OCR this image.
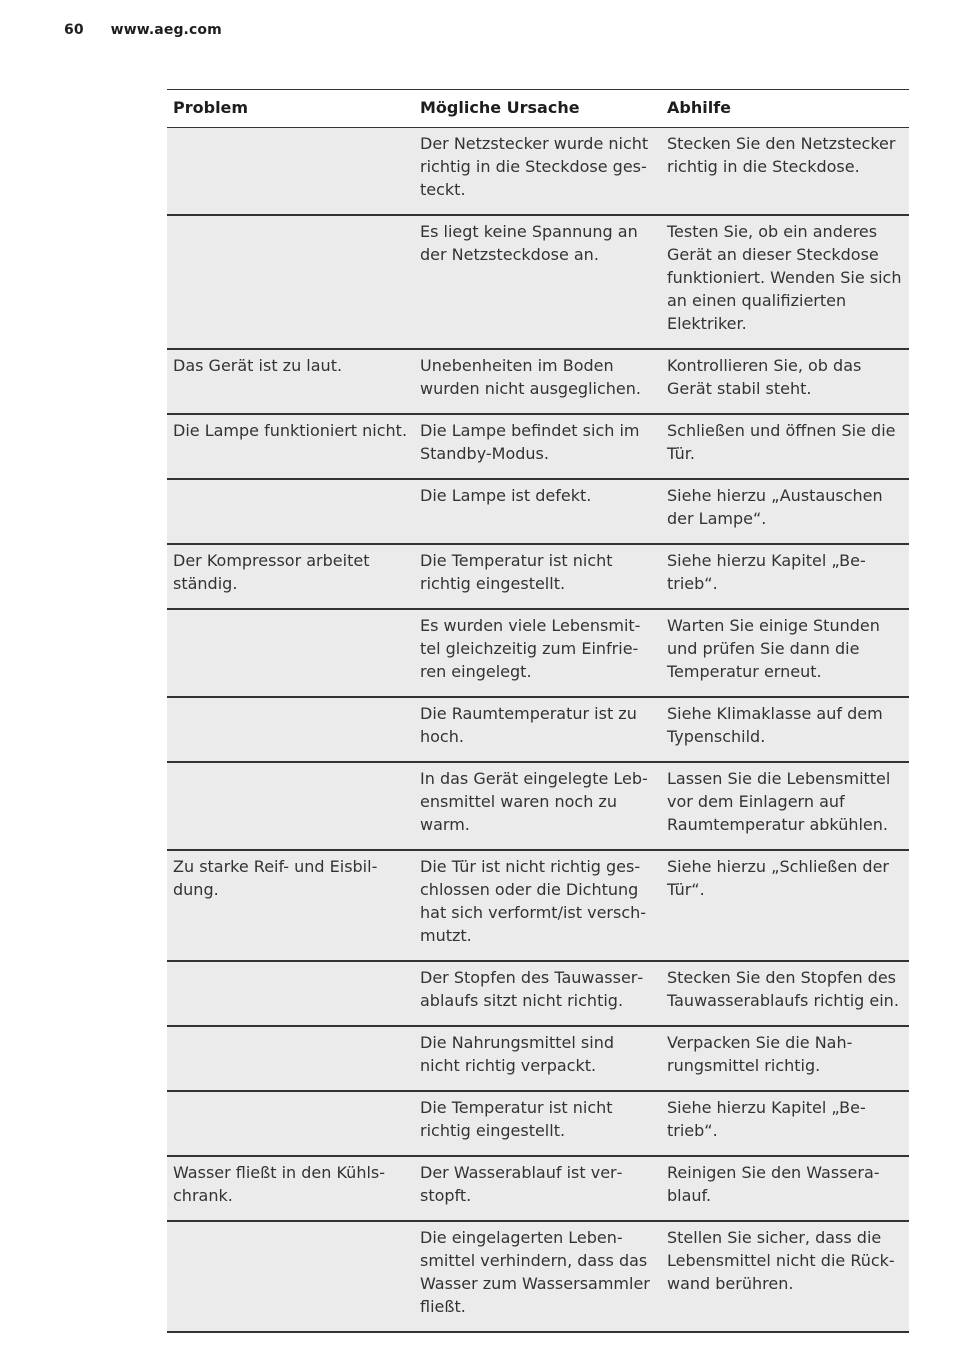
60 www.aeg.com
Problem	Mögliche Ursache	Abhilfe
	Der Netzstecker wurde nicht richtig in die Steckdose gesteckt.	Stecken Sie den Netzstecker richtig in die Steckdose.
	Es liegt keine Spannung an der Netzsteckdose an.	Testen Sie, ob ein anderes Gerät an dieser Steckdose funktioniert. Wenden Sie sich an einen qualifizierten Elektriker.
Das Gerät ist zu laut.	Unebenheiten im Boden wurden nicht ausgeglichen.	Kontrollieren Sie, ob das Gerät stabil steht.
Die Lampe funktioniert nicht.	Die Lampe befindet sich im Standby-Modus.	Schließen und öffnen Sie die Tür.
	Die Lampe ist defekt.	Siehe hierzu „Austauschen der Lampe“.
Der Kompressor arbeitet ständig.	Die Temperatur ist nicht richtig eingestellt.	Siehe hierzu Kapitel „Betrieb“.
	Es wurden viele Lebensmittel gleichzeitig zum Einfrieren eingelegt.	Warten Sie einige Stunden und prüfen Sie dann die Temperatur erneut.
	Die Raumtemperatur ist zu hoch.	Siehe Klimaklasse auf dem Typenschild.
	In das Gerät eingelegte Lebensmittel waren noch zu warm.	Lassen Sie die Lebensmittel vor dem Einlagern auf Raumtemperatur abkühlen.
Zu starke Reif- und Eisbildung.	Die Tür ist nicht richtig geschlossen oder die Dichtung hat sich verformt/ist verschmutzt.	Siehe hierzu „Schließen der Tür“.
	Der Stopfen des Tauwasserablaufs sitzt nicht richtig.	Stecken Sie den Stopfen des Tauwasserablaufs richtig ein.
	Die Nahrungsmittel sind nicht richtig verpackt.	Verpacken Sie die Nahrungsmittel richtig.
	Die Temperatur ist nicht richtig eingestellt.	Siehe hierzu Kapitel „Betrieb“.
Wasser fließt in den Kühlschrank.	Der Wasserablauf ist verstopft.	Reinigen Sie den Wasserablauf.
	Die eingelagerten Lebensmittel verhindern, dass das Wasser zum Wassersammler fließt.	Stellen Sie sicher, dass die Lebensmittel nicht die Rückwand berühren.
